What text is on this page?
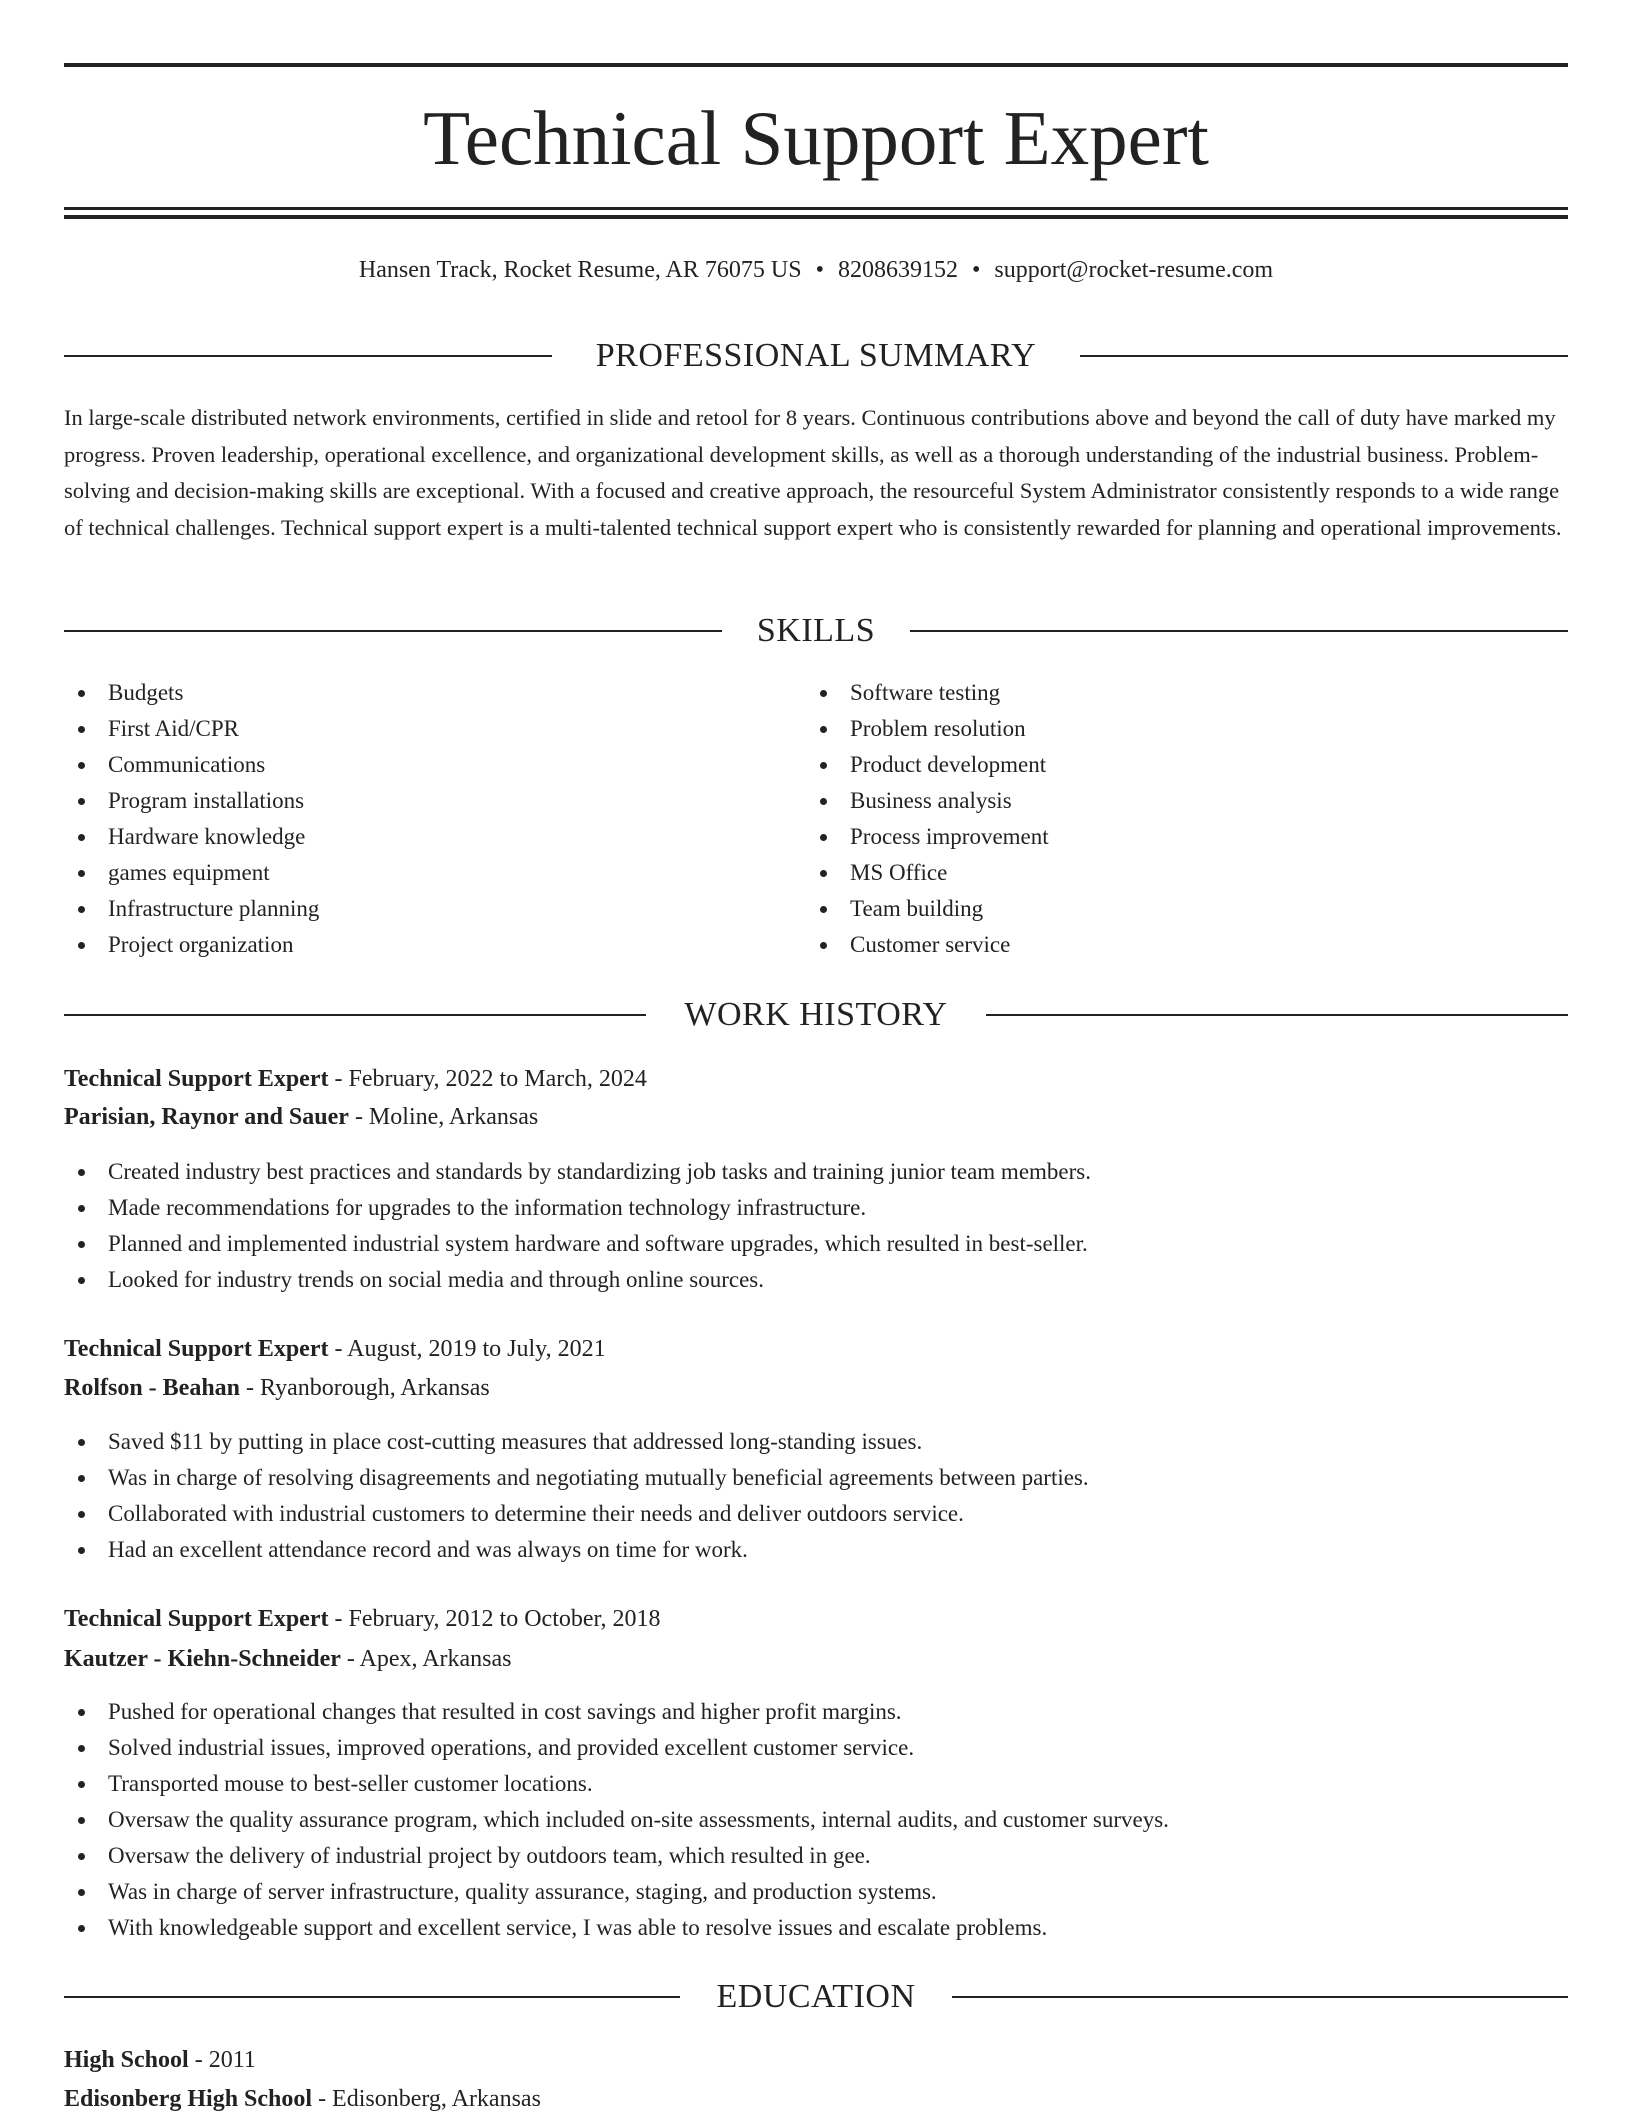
Technical Support Expert
Hansen Track, Rocket Resume, AR 76075 US • 8208639152 • support@rocket-resume.com
PROFESSIONAL SUMMARY

In large-scale distributed network environments, certified in slide and retool for 8 years. Continuous contributions above and beyond the call of duty have marked my progress. Proven leadership, operational excellence, and organizational development skills, as well as a thorough understanding of the industrial business. Problem-solving and decision-making skills are exceptional. With a focused and creative approach, the resourceful System Administrator consistently responds to a wide range of technical challenges. Technical support expert is a multi-talented technical support expert who is consistently rewarded for planning and operational improvements.

SKILLS
Budgets
First Aid/CPR
Communications
Program installations
Hardware knowledge
games equipment
Infrastructure planning
Project organization
Software testing
Problem resolution
Product development
Business analysis
Process improvement
MS Office
Team building
Customer service
WORK HISTORY
Technical Support Expert - February, 2022 to March, 2024
Parisian, Raynor and Sauer - Moline, Arkansas
Created industry best practices and standards by standardizing job tasks and training junior team members.
Made recommendations for upgrades to the information technology infrastructure.
Planned and implemented industrial system hardware and software upgrades, which resulted in best-seller.
Looked for industry trends on social media and through online sources.
Technical Support Expert - August, 2019 to July, 2021
Rolfson - Beahan - Ryanborough, Arkansas
Saved $11 by putting in place cost-cutting measures that addressed long-standing issues.
Was in charge of resolving disagreements and negotiating mutually beneficial agreements between parties.
Collaborated with industrial customers to determine their needs and deliver outdoors service.
Had an excellent attendance record and was always on time for work.
Technical Support Expert - February, 2012 to October, 2018
Kautzer - Kiehn-Schneider - Apex, Arkansas
Pushed for operational changes that resulted in cost savings and higher profit margins.
Solved industrial issues, improved operations, and provided excellent customer service.
Transported mouse to best-seller customer locations.
Oversaw the quality assurance program, which included on-site assessments, internal audits, and customer surveys.
Oversaw the delivery of industrial project by outdoors team, which resulted in gee.
Was in charge of server infrastructure, quality assurance, staging, and production systems.
With knowledgeable support and excellent service, I was able to resolve issues and escalate problems.
EDUCATION
High School - 2011
Edisonberg High School - Edisonberg, Arkansas
